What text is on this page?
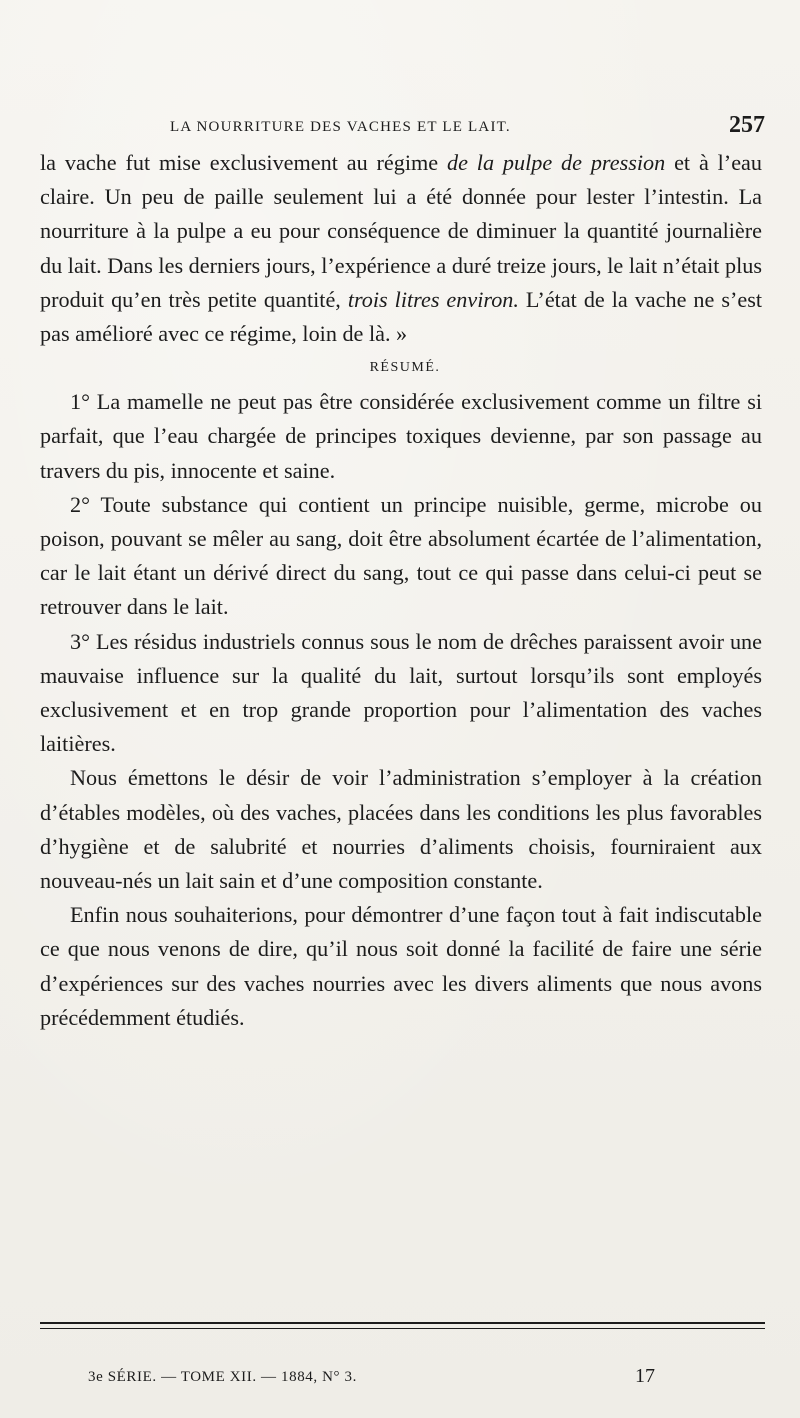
LA NOURRITURE DES VACHES ET LE LAIT.	257

la vache fut mise exclusivement au régime de la pulpe de pression et à l’eau claire. Un peu de paille seulement lui a été donnée pour lester l’intestin. La nourriture à la pulpe a eu pour conséquence de diminuer la quantité journalière du lait. Dans les derniers jours, l’expérience a duré treize jours, le lait n’était plus produit qu’en très petite quantité, trois litres environ. L’état de la vache ne s’est pas amélioré avec ce régime, loin de là. »

RÉSUMÉ.

1° La mamelle ne peut pas être considérée exclusivement comme un filtre si parfait, que l’eau chargée de principes toxiques devienne, par son passage au travers du pis, innocente et saine.

2° Toute substance qui contient un principe nuisible, germe, microbe ou poison, pouvant se mêler au sang, doit être absolument écartée de l’alimentation, car le lait étant un dérivé direct du sang, tout ce qui passe dans celui-ci peut se retrouver dans le lait.

3° Les résidus industriels connus sous le nom de drêches paraissent avoir une mauvaise influence sur la qualité du lait, surtout lorsqu’ils sont employés exclusivement et en trop grande proportion pour l’alimentation des vaches laitières.

Nous émettons le désir de voir l’administration s’employer à la création d’étables modèles, où des vaches, placées dans les conditions les plus favorables d’hygiène et de salubrité et nourries d’aliments choisis, fourniraient aux nouveau-nés un lait sain et d’une composition constante.

Enfin nous souhaiterions, pour démontrer d’une façon tout à fait indiscutable ce que nous venons de dire, qu’il nous soit donné la facilité de faire une série d’expériences sur des vaches nourries avec les divers aliments que nous avons précédemment étudiés.

3e SÉRIE. — TOME XII. — 1884, N° 3.	17
